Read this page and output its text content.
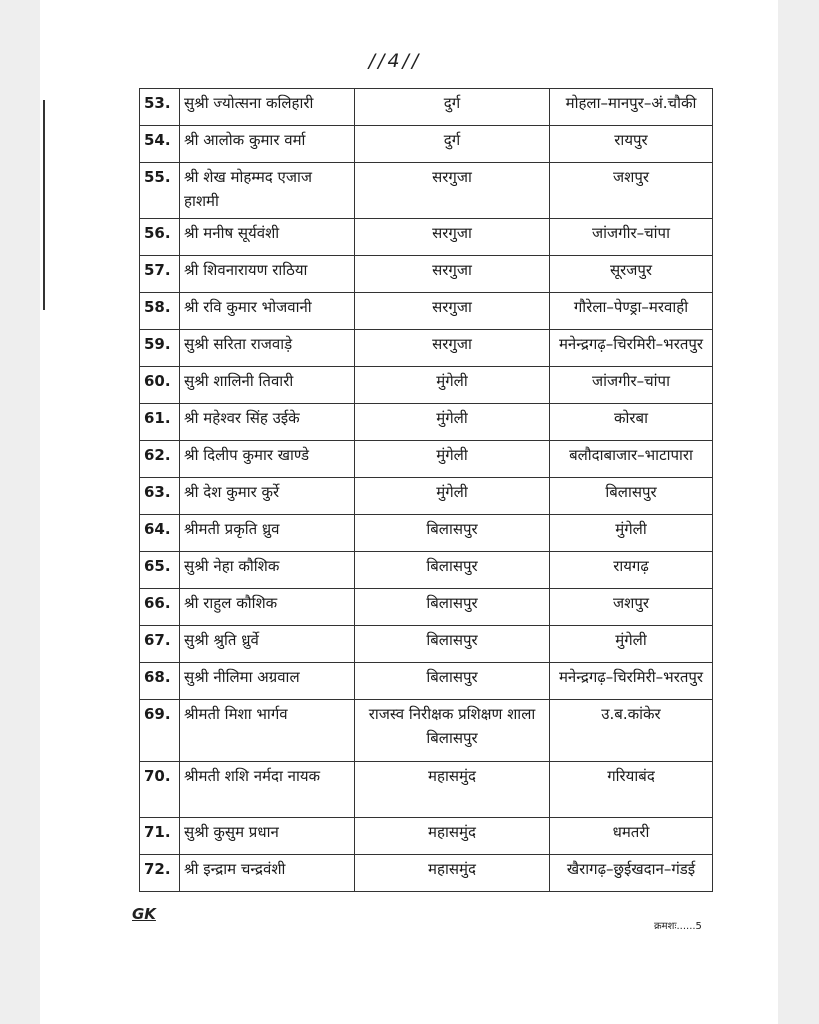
//4//
53.	सुश्री ज्योत्सना कलिहारी	दुर्ग	मोहला–मानपुर–अं.चौकी
54.	श्री आलोक कुमार वर्मा	दुर्ग	रायपुर
55.	श्री शेख मोहम्मद एजाज हाशमी	सरगुजा	जशपुर
56.	श्री मनीष सूर्यवंशी	सरगुजा	जांजगीर–चांपा
57.	श्री शिवनारायण राठिया	सरगुजा	सूरजपुर
58.	श्री रवि कुमार भोजवानी	सरगुजा	गौरेला–पेण्ड्रा–मरवाही
59.	सुश्री सरिता राजवाड़े	सरगुजा	मनेन्द्रगढ़–चिरमिरी–भरतपुर
60.	सुश्री शालिनी तिवारी	मुंगेली	जांजगीर–चांपा
61.	श्री महेश्वर सिंह उईके	मुंगेली	कोरबा
62.	श्री दिलीप कुमार खाण्डे	मुंगेली	बलौदाबाजार–भाटापारा
63.	श्री देश कुमार कुर्रे	मुंगेली	बिलासपुर
64.	श्रीमती प्रकृति ध्रुव	बिलासपुर	मुंगेली
65.	सुश्री नेहा कौशिक	बिलासपुर	रायगढ़
66.	श्री राहुल कौशिक	बिलासपुर	जशपुर
67.	सुश्री श्रुति ध्रुर्वे	बिलासपुर	मुंगेली
68.	सुश्री नीलिमा अग्रवाल	बिलासपुर	मनेन्द्रगढ़–चिरमिरी–भरतपुर
69.	श्रीमती मिशा भार्गव	राजस्व निरीक्षक प्रशिक्षण शाला बिलासपुर	उ.ब.कांकेर
70.	श्रीमती शशि नर्मदा नायक	महासमुंद	गरियाबंद
71.	सुश्री कुसुम प्रधान	महासमुंद	धमतरी
72.	श्री इन्द्राम चन्द्रवंशी	महासमुंद	खैरागढ़–छुईखदान–गंडई
GK
क्रमशः......5
